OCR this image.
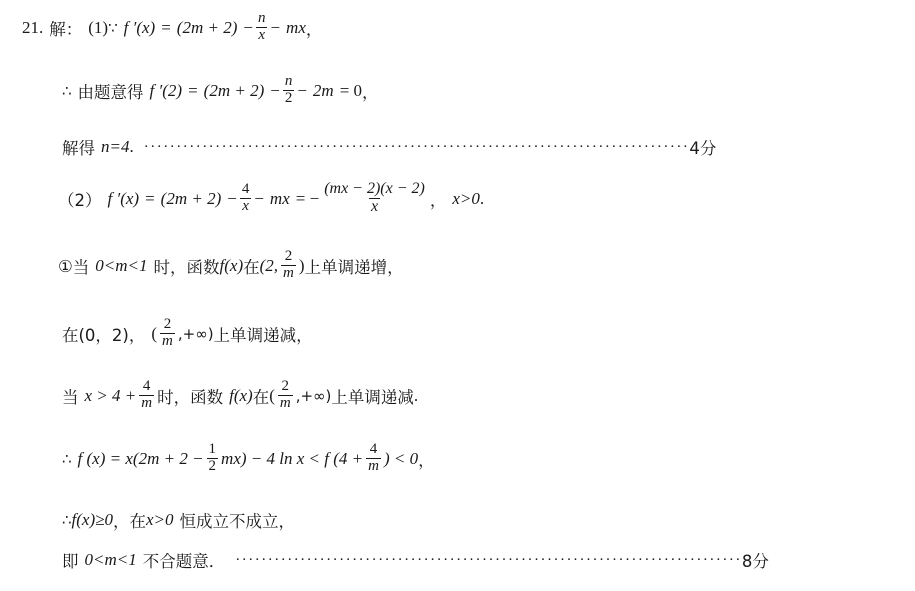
21. 解： (1) ∵ f $'(x) = (2m + 2) - \frac{n}{x}$ − mx ，
∴ 由题意得 f $'(2) = (2m + 2) - \frac{n}{2} - 2m = 0$ ，
解得 n=4 . ···················································································· 4分
（2） f $'(x) = (2m + 2) - \frac{4}{x}$ − mx = − $\frac{(mx - 2)(x - 2)}{x}$ ， x>0 .
① 当 0<m<1 时，函数 f(x) 在 (2, $\frac{2}{m}$ ) 上单调递增，
在 (0，2)， ( $\frac{2}{m}$ ,+∞) 上单调递减，
当 $x > 4 + \frac{4}{m}$ 时，函数 f(x) 在 ( $\frac{2}{m}$ ,+∞) 上单调递减 .
∴ f $(x) = x(2m + 2 - \frac{1}{2} mx) - 4$ ln x < f ($4 + \frac{4}{m}$ ) < 0 ，
∴ f(x)≥0 ，在 x>0 恒成立不成立，
即 0<m<1 不合题意． ·············································································· 8分
